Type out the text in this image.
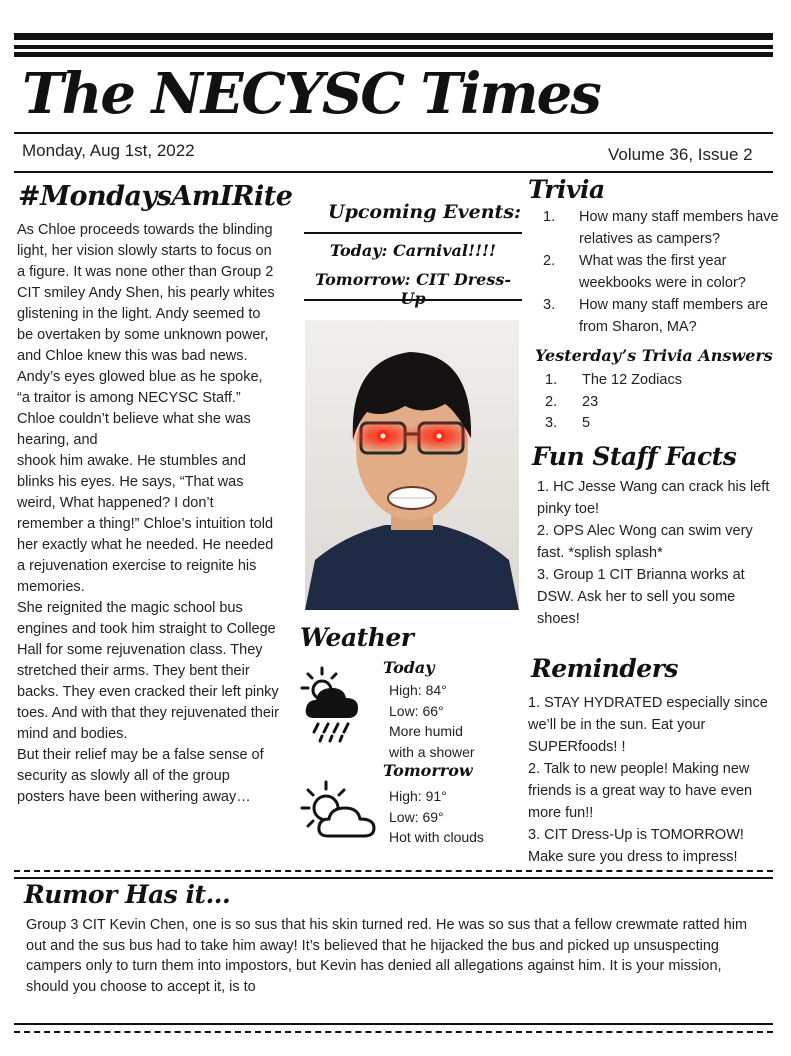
The NECYSC Times
Monday, Aug 1st, 2022	Volume 36, Issue 2
#MondaysAmIRite
As Chloe proceeds towards the blinding light, her vision slowly starts to focus on a figure. It was none other than Group 2 CIT smiley Andy Shen, his pearly whites glistening in the light. Andy seemed to be overtaken by some unknown power, and Chloe knew this was bad news. Andy’s eyes glowed blue as he spoke, “a traitor is among NECYSC Staff.” Chloe couldn’t believe what she was hearing, and
shook him awake. He stumbles and blinks his eyes. He says, “That was weird, What happened? I don’t remember a thing!” Chloe’s intuition told her exactly what he needed. He needed a rejuvenation exercise to reignite his memories.
She reignited the magic school bus engines and took him straight to College Hall for some rejuvenation class. They stretched their arms. They bent their backs. They even cracked their left pinky toes. And with that they rejuvenated their mind and bodies.
But their relief may be a false sense of security as slowly all of the group posters have been withering away…
Upcoming Events:
Today: Carnival!!!!
Tomorrow: CIT Dress-
Weather
Today
High: 84°
Low: 66°
More humid with a shower
Tomorrow
High: 91°
Low: 69°
Hot with clouds
Trivia
1. How many staff members have relatives as campers?
2. What was the first year weekbooks were in color?
3. How many staff members are from Sharon, MA?
Yesterday’s Trivia Answers
1. The 12 Zodiacs
2. 23
3. 5
Fun Staff Facts
1. HC Jesse Wang can crack his left pinky toe!
2. OPS Alec Wong can swim very fast. *splish splash*
3. Group 1 CIT Brianna works at DSW. Ask her to sell you some shoes!
Reminders
1. STAY HYDRATED especially since we’ll be in the sun. Eat your SUPERfoods! !
2. Talk to new people! Making new friends is a great way to have even more fun!!
3. CIT Dress-Up is TOMORROW! Make sure you dress to impress!
Rumor Has it...
Group 3 CIT Kevin Chen, one is so sus that his skin turned red. He was so sus that a fellow crewmate ratted him out and the sus bus had to take him away! It’s believed that he hijacked the bus and picked up unsuspecting campers only to turn them into impostors, but Kevin has denied all allegations against him. It is your mission, should you choose to accept it, is to
